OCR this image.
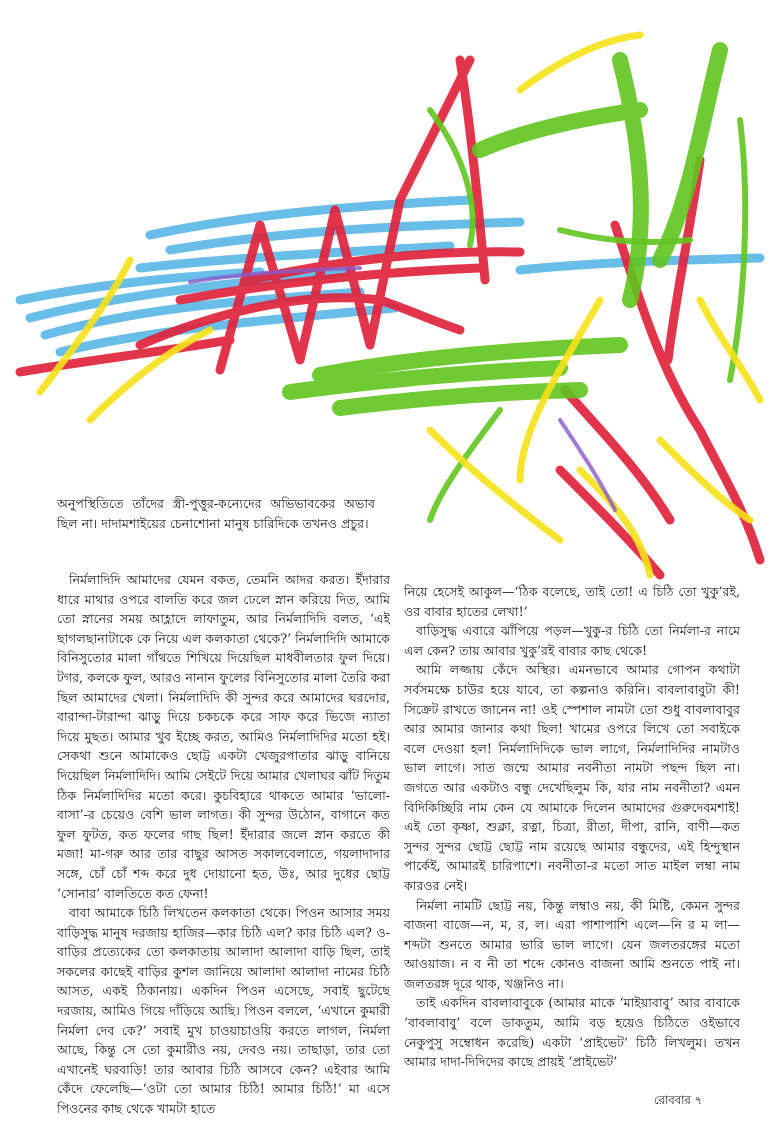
অনুপস্থিতিতে তাঁদের স্ত্রী-পুত্তুর-কন্যেদের অভিভাবকের অভাব ছিল না। দাদামশাইয়ের চেনাশোনা মানুষ চারিদিকে তখনও প্রচুর।

নির্মলাদিদি আমাদের যেমন বকত, তেমনি আদর করত। ইঁদারার ধারে মাথার ওপরে বালতি করে জল ঢেলে স্নান করিয়ে দিত, আমি তো স্নানের সময় আহ্লাদে লাফাতুম, আর নির্মলাদিদি বলত, ‘এই ছাগলছানাটাকে কে নিয়ে এল কলকাতা থেকে?’ নির্মলাদিদি আমাকে বিনিসুতোর মালা গাঁথতে শিখিয়ে দিয়েছিল মাধবীলতার ফুল দিয়ে। টগর, কলকে ফুল, আরও নানান ফুলের বিনিসুতোর মালা তৈরি করা ছিল আমাদের খেলা। নির্মলাদিদি কী সুন্দর করে আমাদের ঘরদোর, বারান্দা-টারান্দা ঝাড়ু দিয়ে চকচকে করে সাফ করে ভিজে ন্যাতা দিয়ে মুছত। আমার খুব ইচ্ছে করত, আমিও নির্মলাদিদির মতো হই। সেকথা শুনে আমাকেও ছোট্ট একটা খেজুরপাতার ঝাড়ু বানিয়ে দিয়েছিল নির্মলাদিদি। আমি সেইটে দিয়ে আমার খেলাঘর ঝাঁট দিতুম ঠিক নির্মলাদিদির মতো করে। কুচবিহারে থাকতে আমার ‘ভালো-বাসা’-র চেয়েও বেশি ভাল লাগত। কী সুন্দর উঠোন, বাগানে কত ফুল ফুটত, কত ফলের গাছ ছিল! ইঁদারার জলে স্নান করতে কী মজা! মা-গরু আর তার বাছুর আসত সকালবেলাতে, গয়লাদাদার সঙ্গে, চোঁ চোঁ শব্দ করে দুধ দোয়ানো হত, উঃ, আর দুধের ছোট্ট ‘সোনার’ বালতিতে কত ফেনা!

বাবা আমাকে চিঠি লিখতেন কলকাতা থেকে। পিওন আসার সময় বাড়িসুদ্ধ মানুষ দরজায় হাজির—কার চিঠি এল? কার চিঠি এল? ও-বাড়ির প্রত্যেকের তো কলকাতায় আলাদা আলাদা বাড়ি ছিল, তাই সকলের কাছেই বাড়ির কুশল জানিয়ে আলাদা আলাদা নামের চিঠি আসত, একই ঠিকানায়। একদিন পিওন এসেছে, সবাই ছুটেছে দরজায়, আমিও গিয়ে দাঁড়িয়ে আছি। পিওন বললে, ‘এখানে কুমারী নির্মলা দেব কে?’ সবাই মুখ চাওয়াচাওয়ি করতে লাগল, নির্মলা আছে, কিন্তু সে তো কুমারীও নয়, দেবও নয়। তাছাড়া, তার তো এখানেই ঘরবাড়ি! তার আবার চিঠি আসবে কেন? এইবার আমি কেঁদে ফেলেছি—‘ওটা তো আমার চিঠি! আমার চিঠি!’ মা এসে পিওনের কাছ থেকে খামটা হাতে

নিয়ে হেসেই আকুল—‘ঠিক বলেছে, তাই তো! এ চিঠি তো খুকু’রই, ওর বাবার হাতের লেখা!’

বাড়িসুদ্ধ এবারে ঝাঁপিয়ে পড়ল—খুকু-র চিঠি তো নির্মলা-র নামে এল কেন? তায় আবার খুকু’রই বাবার কাছ থেকে!

আমি লজ্জায় কেঁদে অস্থির। এমনভাবে আমার গোপন কথাটা সর্বসমক্ষে চাউর হয়ে যাবে, তা কল্পনাও করিনি। বাবলাবাবুটা কী! সিক্রেট রাখতে জানেন না! ওই স্পেশাল নামটা তো শুধু বাবলাবাবুর আর আমার জানার কথা ছিল! খামের ওপরে লিখে তো সবাইকে বলে দেওয়া হল! নির্মলাদিদিকে ভাল লাগে, নির্মলাদিদির নামটাও ভাল লাগে। সাত জন্মে আমার নবনীতা নামটা পছন্দ ছিল না। জগতে আর একটাও বন্ধু দেখেছিলুম কি, যার নাম নবনীতা? এমন বিদিকিচ্ছিরি নাম কেন যে আমাকে দিলেন আমাদের গুরুদেবমশাই! এই তো কৃষ্ণা, শুক্লা, রত্না, চিত্রা, রীতা, দীপা, রানি, বাণী—কত সুন্দর সুন্দর ছোট্ট ছোট্ট নাম রয়েছে আমার বন্ধুদের, এই হিন্দুস্থান পার্কেই, আমারই চারিপাশে। নবনীতা-র মতো সাত মাইল লম্বা নাম কারওর নেই।

নির্মলা নামটি ছোট্ট নয়, কিন্তু লম্বাও নয়, কী মিষ্টি, কেমন সুন্দর বাজনা বাজে—ন, ম, র, ল। এরা পাশাপাশি এলে—নি র ম লা—শব্দটা শুনতে আমার ভারি ভাল লাগে। যেন জলতরঙ্গের মতো আওয়াজ। ন ব নী তা শব্দে কোনও বাজনা আমি শুনতে পাই না। জলতরঙ্গ দূরে থাক, খঞ্জনিও না।

তাই একদিন বাবলাবাবুকে (আমার মাকে ‘মাইয়াবাবু’ আর বাবাকে ‘বাবলাবাবু’ বলে ডাকতুম, আমি বড় হয়েও চিঠিতে ওইভাবে নেকুপুসু সম্বোধন করেছি) একটা ‘প্রাইভেট’ চিঠি লিখলুম। তখন আমার দাদা-দিদিদের কাছে প্রায়ই ‘প্রাইভেট’

রোববার ৭
